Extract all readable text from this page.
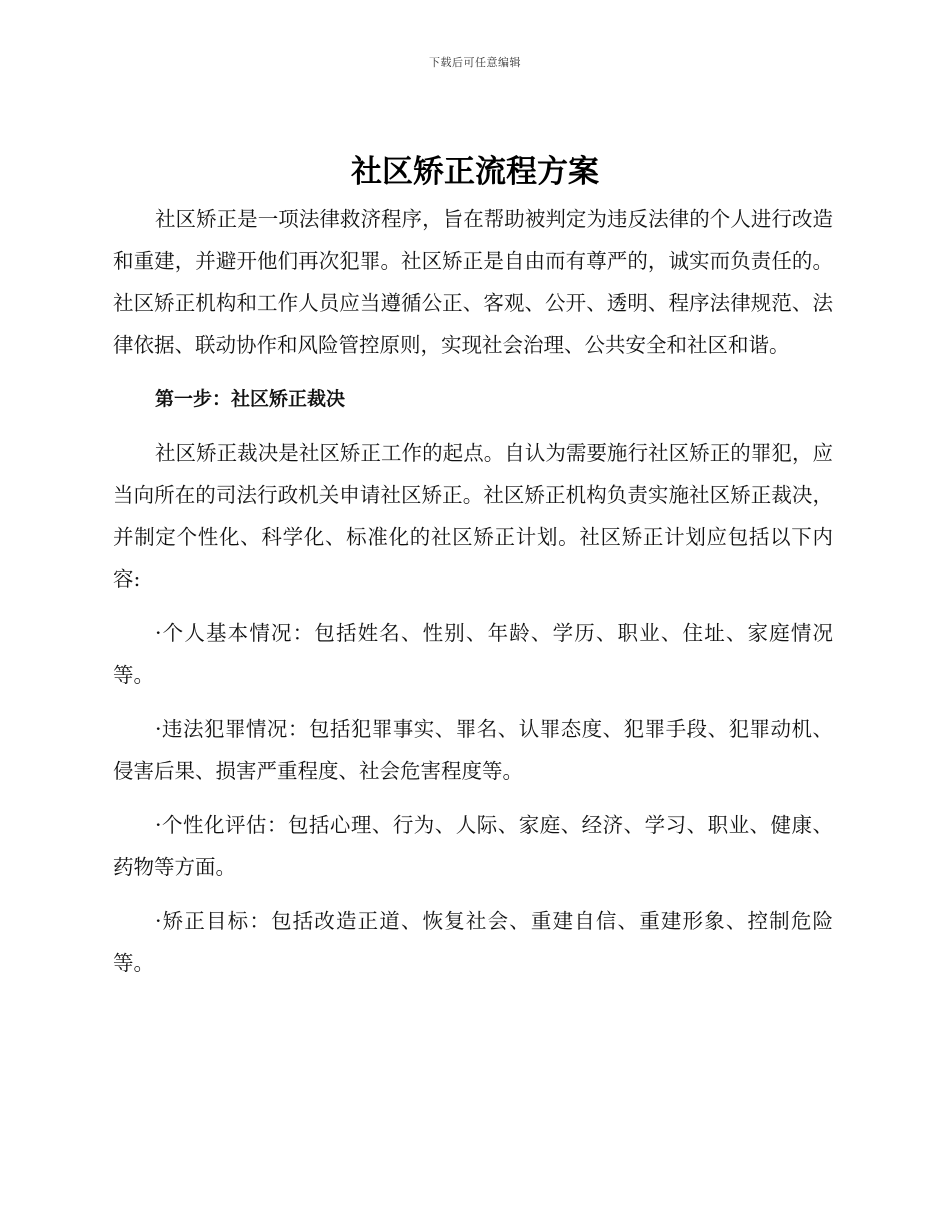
下载后可任意编辑
社区矫正流程方案

社区矫正是一项法律救济程序，旨在帮助被判定为违反法律的个人进行改造和重建，并避开他们再次犯罪。社区矫正是自由而有尊严的，诚实而负责任的。社区矫正机构和工作人员应当遵循公正、客观、公开、透明、程序法律规范、法律依据、联动协作和风险管控原则，实现社会治理、公共安全和社区和谐。

第一步：社区矫正裁决

社区矫正裁决是社区矫正工作的起点。自认为需要施行社区矫正的罪犯，应当向所在的司法行政机关申请社区矫正。社区矫正机构负责实施社区矫正裁决，并制定个性化、科学化、标准化的社区矫正计划。社区矫正计划应包括以下内容:

·个人基本情况：包括姓名、性别、年龄、学历、职业、住址、家庭情况等。

·违法犯罪情况：包括犯罪事实、罪名、认罪态度、犯罪手段、犯罪动机、侵害后果、损害严重程度、社会危害程度等。

·个性化评估：包括心理、行为、人际、家庭、经济、学习、职业、健康、药物等方面。

·矫正目标：包括改造正道、恢复社会、重建自信、重建形象、控制危险等。
